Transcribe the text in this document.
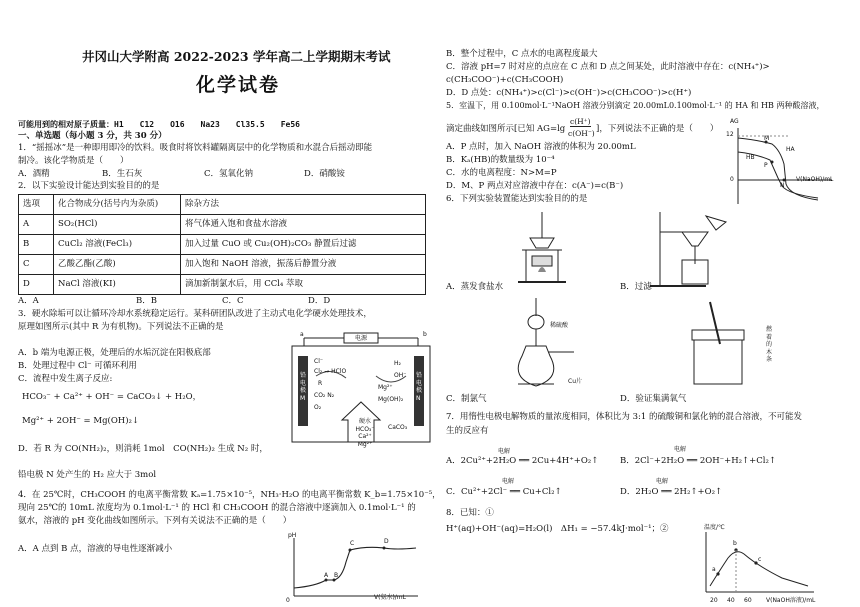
井冈山大学附高 2022-2023 学年高二上学期期末考试
化学试卷
可能用到的相对原子质量：H1　　C12　　O16　　Na23　　Cl35.5　　Fe56
一、单选题（每小题 3 分，共 30 分）
1．“摇摇冰”是一种即用即冷的饮料。吸食时将饮料罐隔离层中的化学物质和水混合后摇动即能
制冷。该化学物质是（　　）
A．酒精	B．生石灰	C．氢氧化钠	D．硝酸铵
2．以下实验设计能达到实验目的的是
选项	化合物成分(括号内为杂质)	除杂方法
A	SO₂(HCl)	将气体通入饱和食盐水溶液
B	CuCl₂ 溶液(FeCl₃)	加入过量 CuO 或 Cu₂(OH)₂CO₃ 静置后过滤
C	乙酸乙酯(乙酸)	加入饱和 NaOH 溶液，振荡后静置分液
D	NaCl 溶液(KI)	滴加新制氯水后，用 CCl₄ 萃取
A．A	B．B	C．C	D．D
3．硬水除垢可以让循环冷却水系统稳定运行。某科研团队改进了主动式电化学硬水处理技术，
原理如图所示(其中 R 为有机物)。下列说法不正确的是
A．b 端为电源正极，处理后的水垢沉淀在阳极底部
B．处理过程中 Cl⁻ 可循环利用
C．流程中发生离子反应:
HCO₃⁻ + Ca²⁺ + OH⁻ = CaCO₃↓ + H₂O，
Mg²⁺ + 2OH⁻ = Mg(OH)₂↓
D．若 R 为 CO(NH₂)₂，则消耗 1mol　CO(NH₂)₂ 生成 N₂ 时，
铅电极 N 处产生的 H₂ 应大于 3mol
电源
a	b
铅电极M
铅电极N
Cl⁻
Cl₂ → HClO
R
CO₂ N₂
O₂
H₂
OH⁻
Mg²⁺
Mg(OH)₂
CaCO₃
硬水 HCO₃⁻ Ca²⁺ Mg²⁺
4．在 25℃时，CH₃COOH 的电离平衡常数 Kₐ=1.75×10⁻⁵，NH₃·H₂O 的电离平衡常数 K_b=1.75×10⁻⁵，
现向 25℃的 10mL 浓度均为 0.1mol·L⁻¹ 的 HCl 和 CH₃COOH 的混合溶液中逐滴加入 0.1mol·L⁻¹ 的
氨水，溶液的 pH 变化曲线如图所示。下列有关说法不正确的是（　　）
A．A 点到 B 点，溶液的导电性逐渐减小
pH
0	V(氨水)/mL
A B
C	D
B．整个过程中，C 点水的电离程度最大
C．溶液 pH=7 时对应的点应在 C 点和 D 点之间某处，此时溶液中存在：c(NH₄⁺)>
c(CH₃COO⁻)+c(CH₃COOH)
D．D 点处：c(NH₄⁺)>c(Cl⁻)>c(OH⁻)>c(CH₃COO⁻)>c(H⁺)
5．室温下，用 0.100mol·L⁻¹NaOH 溶液分别滴定 20.00mL0.100mol·L⁻¹ 的 HA 和 HB 两种酸溶液，
滴定曲线如图所示[已知 AG=lg
c(H⁺)
c(OH⁻) ]，下列说法不正确的是（　　）
A．P 点时，加入 NaOH 溶液的体积为 20.00mL
B．Kₐ(HB)的数量级为 10⁻⁴
C．水的电离程度：N>M=P
D．M、P 两点对应溶液中存在：c(A⁻)=c(B⁻)
AG
12
0	V(NaOH)/mL
HA
HB
M
P
N
6．下列实验装置能达到实验目的的是
A．蒸发食盐水	B．过滤
稀硫酸
Cu片
C．制氯气
燃着的木条
D．验证集满氧气
7．用惰性电极电解物质的量浓度相同，体积比为 3:1 的硫酸铜和氯化钠的混合溶液，不可能发
生的反应有
电解
A．2Cu²⁺+2H₂O ══ 2Cu+4H⁺+O₂↑
电解
B．2Cl⁻+2H₂O ══ 2OH⁻+H₂↑+Cl₂↑
电解
C．Cu²⁺+2Cl⁻ ══ Cu+Cl₂↑
电解
D．2H₂O ══ 2H₂↑+O₂↑
8．已知：①
H⁺(aq)+OH⁻(aq)=H₂O(l)　ΔH₁ = −57.4kJ·mol⁻¹；②	温度/℃
20 40 60 V(NaOH溶液)/mL
a
b
c
